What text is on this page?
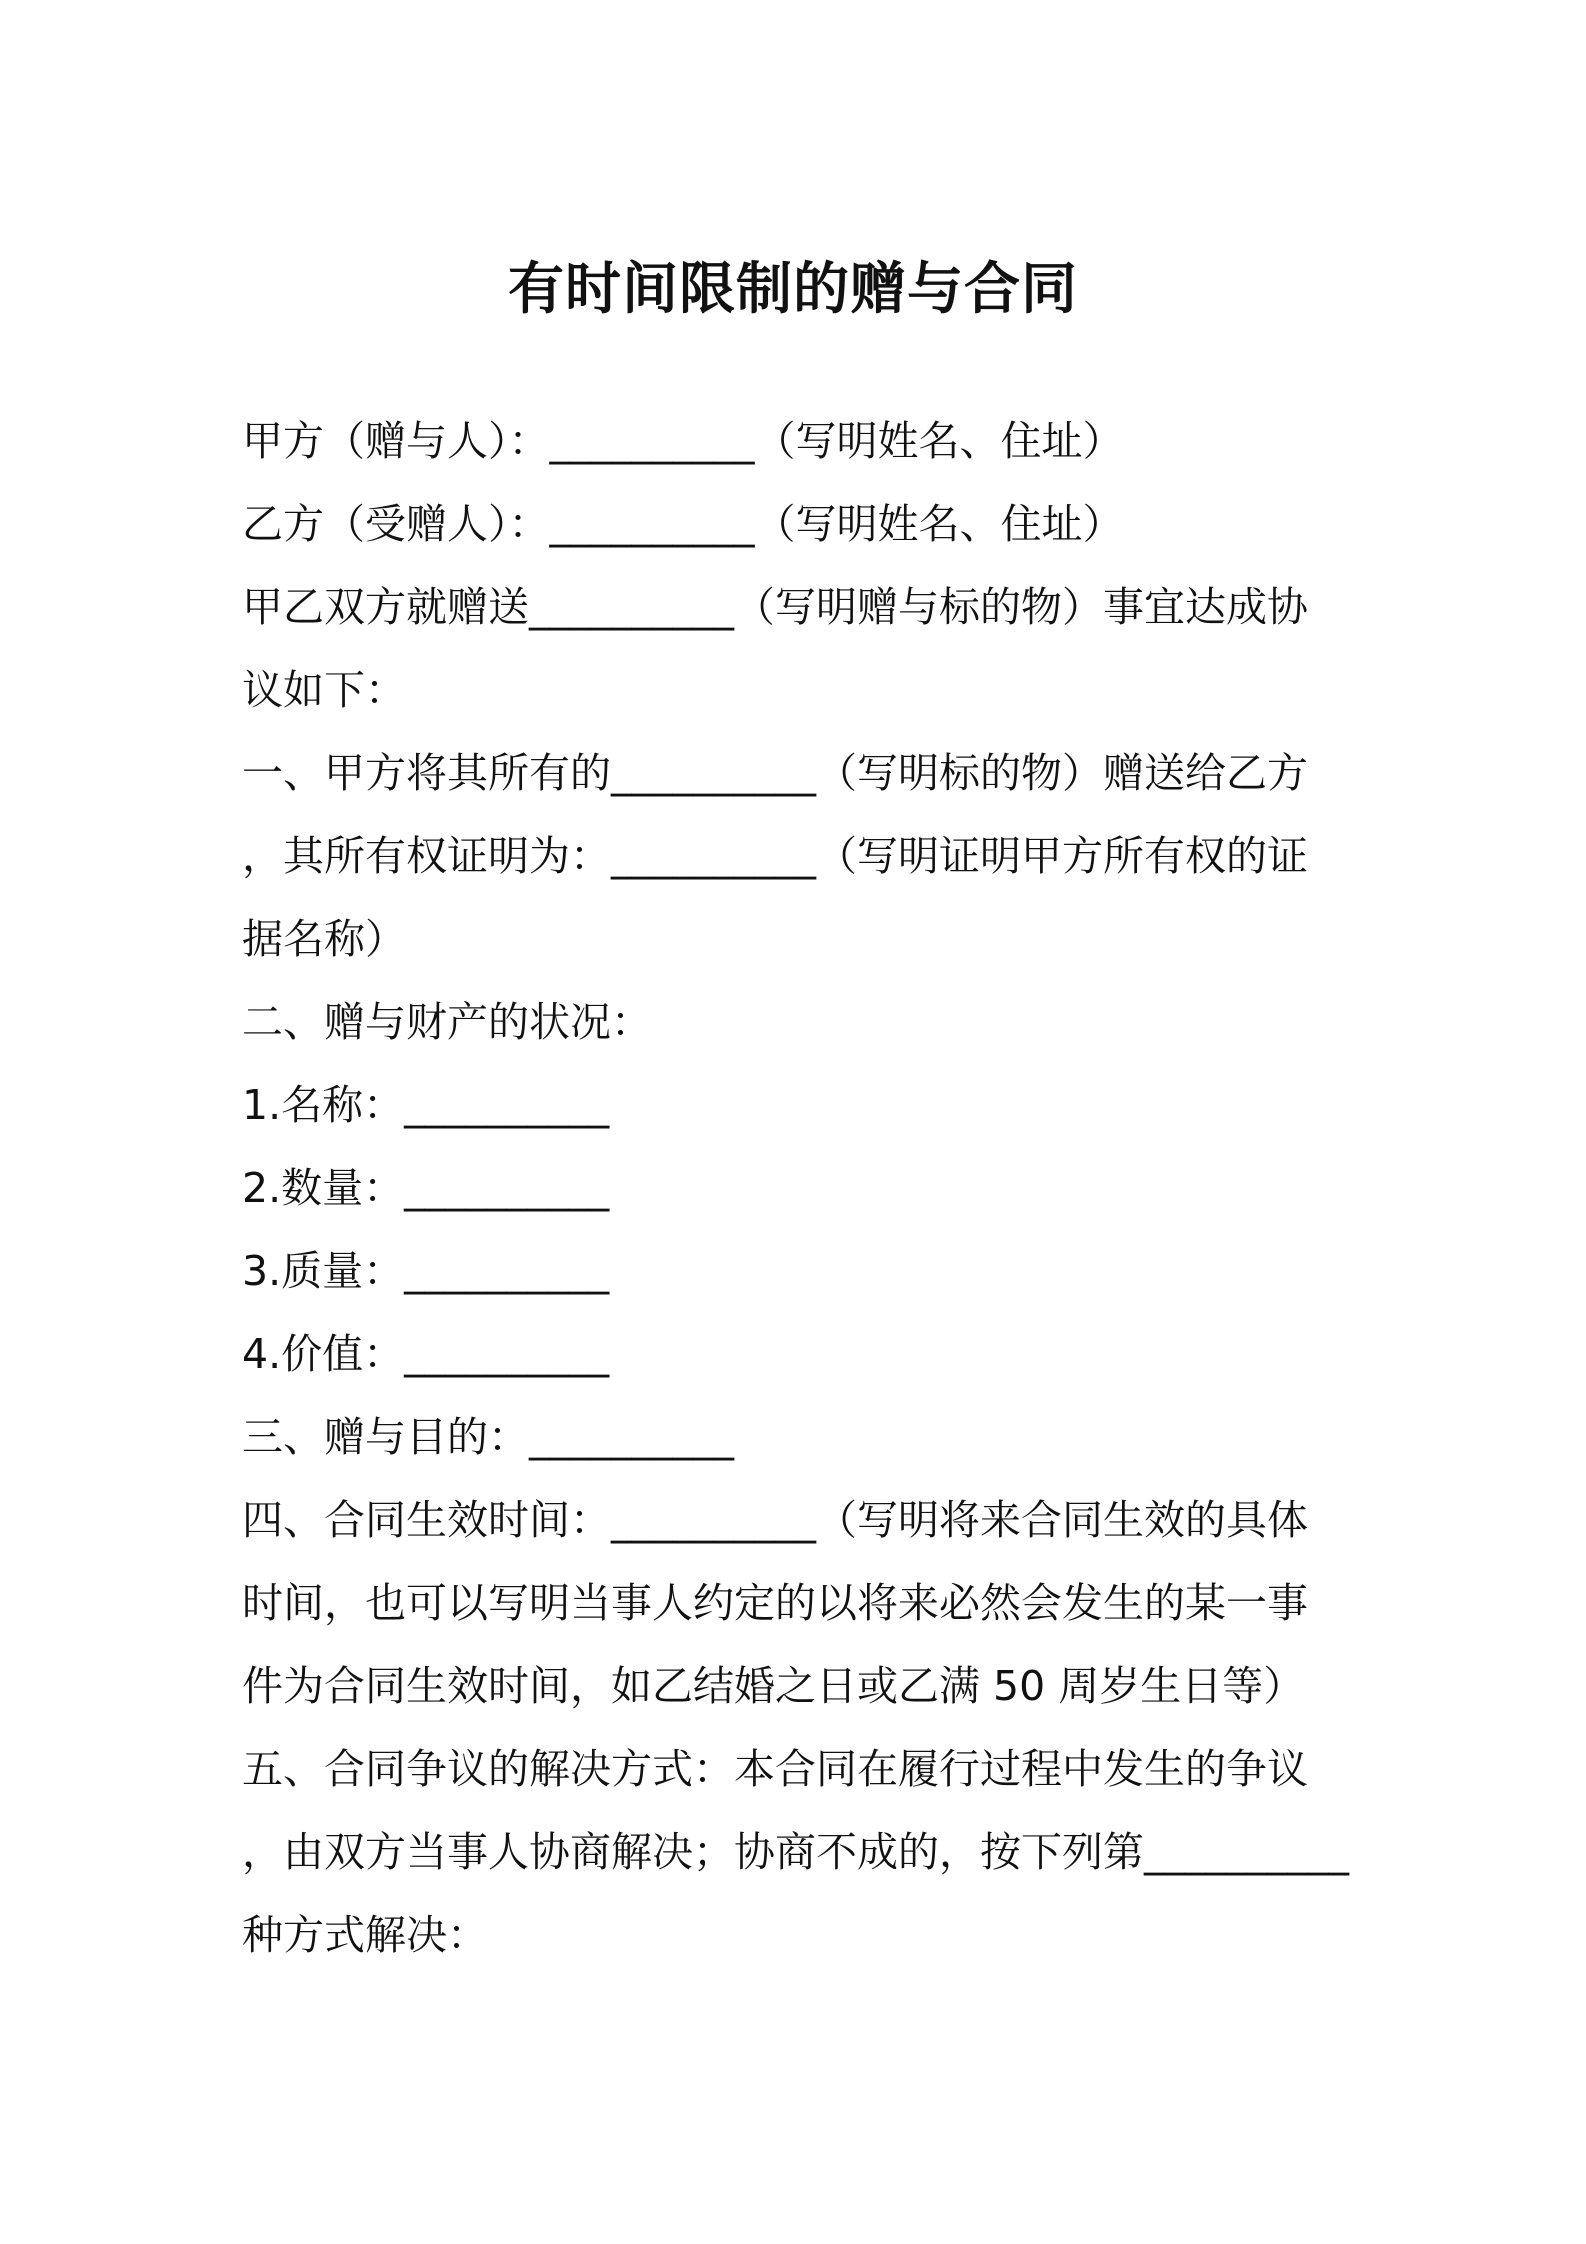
有时间限制的赠与合同
甲方（赠与人）：__________（写明姓名、住址）
乙方（受赠人）：__________（写明姓名、住址）
甲乙双方就赠送__________（写明赠与标的物）事宜达成协
议如下：
一、甲方将其所有的__________（写明标的物）赠送给乙方
，其所有权证明为：__________（写明证明甲方所有权的证
据名称）
二、赠与财产的状况：
1.名称：__________
2.数量：__________
3.质量：__________
4.价值：__________
三、赠与目的：__________
四、合同生效时间：__________（写明将来合同生效的具体
时间，也可以写明当事人约定的以将来必然会发生的某一事
件为合同生效时间，如乙结婚之日或乙满 50 周岁生日等）
五、合同争议的解决方式：本合同在履行过程中发生的争议
，由双方当事人协商解决；协商不成的，按下列第__________
种方式解决：
